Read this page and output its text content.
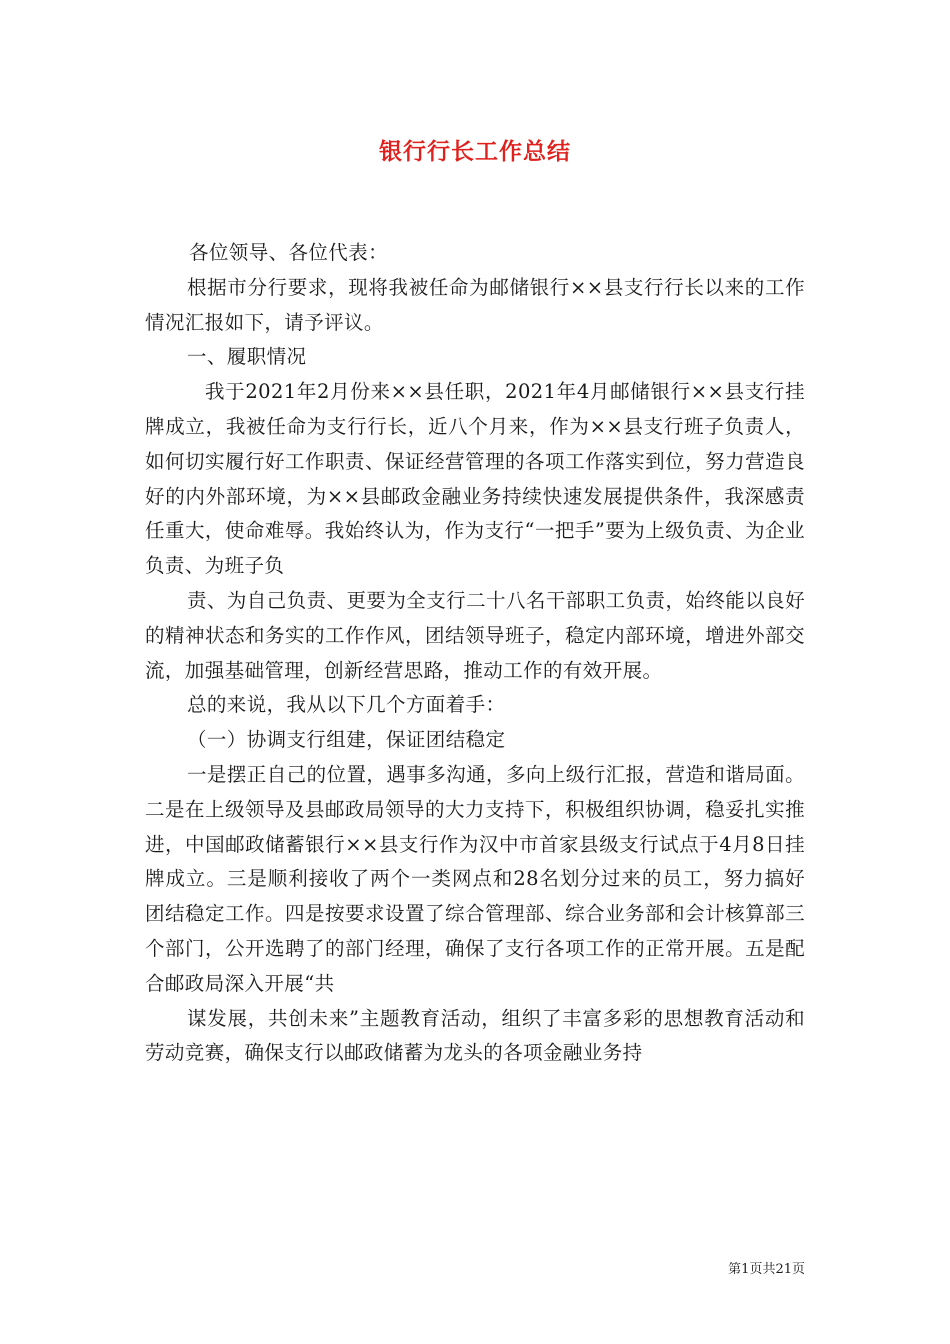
银行行长工作总结

各位领导、各位代表：

根据市分行要求，现将我被任命为邮储银行××县支行行长以来的工作情况汇报如下，请予评议。

一、履职情况

我于2021年2月份来××县任职，2021年4月邮储银行××县支行挂牌成立，我被任命为支行行长，近八个月来，作为××县支行班子负责人，如何切实履行好工作职责、保证经营管理的各项工作落实到位，努力营造良好的内外部环境，为××县邮政金融业务持续快速发展提供条件，我深感责任重大，使命难辱。我始终认为，作为支行“一把手”要为上级负责、为企业负责、为班子负

责、为自己负责、更要为全支行二十八名干部职工负责，始终能以良好的精神状态和务实的工作作风，团结领导班子，稳定内部环境，增进外部交流，加强基础管理，创新经营思路，推动工作的有效开展。

总的来说，我从以下几个方面着手：

（一）协调支行组建，保证团结稳定

一是摆正自己的位置，遇事多沟通，多向上级行汇报，营造和谐局面。二是在上级领导及县邮政局领导的大力支持下，积极组织协调，稳妥扎实推进，中国邮政储蓄银行××县支行作为汉中市首家县级支行试点于4月8日挂牌成立。三是顺利接收了两个一类网点和28名划分过来的员工，努力搞好团结稳定工作。四是按要求设置了综合管理部、综合业务部和会计核算部三个部门，公开选聘了的部门经理，确保了支行各项工作的正常开展。五是配合邮政局深入开展“共

谋发展，共创未来”主题教育活动，组织了丰富多彩的思想教育活动和劳动竞赛，确保支行以邮政储蓄为龙头的各项金融业务持

第1页共21页
